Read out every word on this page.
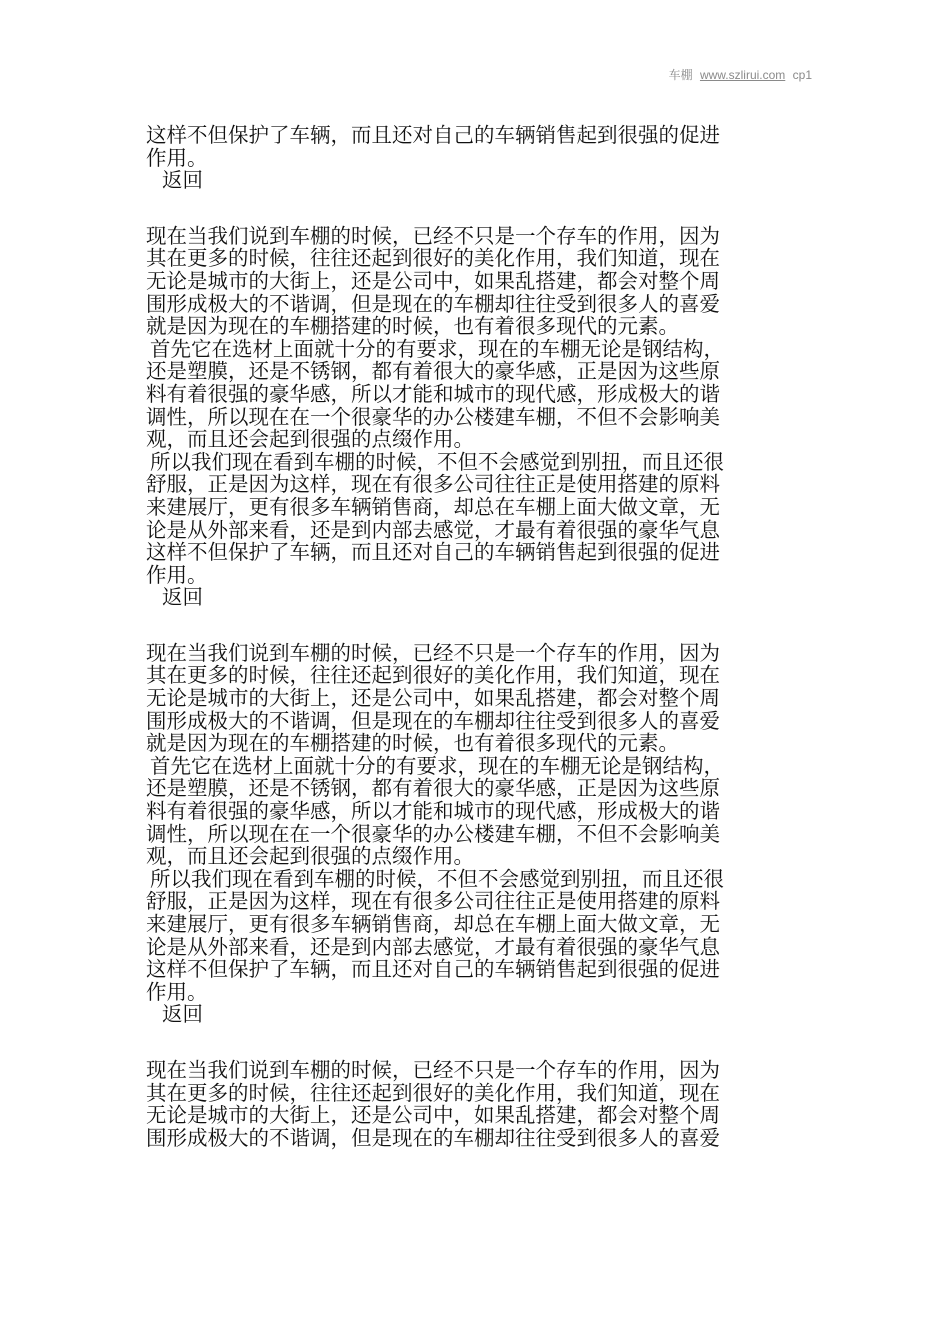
车棚 www.szlirui.com cp1
这样不但保护了车辆，而且还对自己的车辆销售起到很强的促进
作用。
返回
现在当我们说到车棚的时候，已经不只是一个存车的作用，因为
其在更多的时候，往往还起到很好的美化作用，我们知道，现在
无论是城市的大街上，还是公司中，如果乱搭建，都会对整个周
围形成极大的不谐调，但是现在的车棚却往往受到很多人的喜爱
就是因为现在的车棚搭建的时候，也有着很多现代的元素。
首先它在选材上面就十分的有要求，现在的车棚无论是钢结构，
还是塑膜，还是不锈钢，都有着很大的豪华感，正是因为这些原
料有着很强的豪华感，所以才能和城市的现代感，形成极大的谐
调性，所以现在在一个很豪华的办公楼建车棚，不但不会影响美
观，而且还会起到很强的点缀作用。
所以我们现在看到车棚的时候，不但不会感觉到别扭，而且还很
舒服，正是因为这样，现在有很多公司往往正是使用搭建的原料
来建展厅，更有很多车辆销售商，却总在车棚上面大做文章，无
论是从外部来看，还是到内部去感觉，才最有着很强的豪华气息
这样不但保护了车辆，而且还对自己的车辆销售起到很强的促进
作用。
返回
现在当我们说到车棚的时候，已经不只是一个存车的作用，因为
其在更多的时候，往往还起到很好的美化作用，我们知道，现在
无论是城市的大街上，还是公司中，如果乱搭建，都会对整个周
围形成极大的不谐调，但是现在的车棚却往往受到很多人的喜爱
就是因为现在的车棚搭建的时候，也有着很多现代的元素。
首先它在选材上面就十分的有要求，现在的车棚无论是钢结构，
还是塑膜，还是不锈钢，都有着很大的豪华感，正是因为这些原
料有着很强的豪华感，所以才能和城市的现代感，形成极大的谐
调性，所以现在在一个很豪华的办公楼建车棚，不但不会影响美
观，而且还会起到很强的点缀作用。
所以我们现在看到车棚的时候，不但不会感觉到别扭，而且还很
舒服，正是因为这样，现在有很多公司往往正是使用搭建的原料
来建展厅，更有很多车辆销售商，却总在车棚上面大做文章，无
论是从外部来看，还是到内部去感觉，才最有着很强的豪华气息
这样不但保护了车辆，而且还对自己的车辆销售起到很强的促进
作用。
返回
现在当我们说到车棚的时候，已经不只是一个存车的作用，因为
其在更多的时候，往往还起到很好的美化作用，我们知道，现在
无论是城市的大街上，还是公司中，如果乱搭建，都会对整个周
围形成极大的不谐调，但是现在的车棚却往往受到很多人的喜爱
